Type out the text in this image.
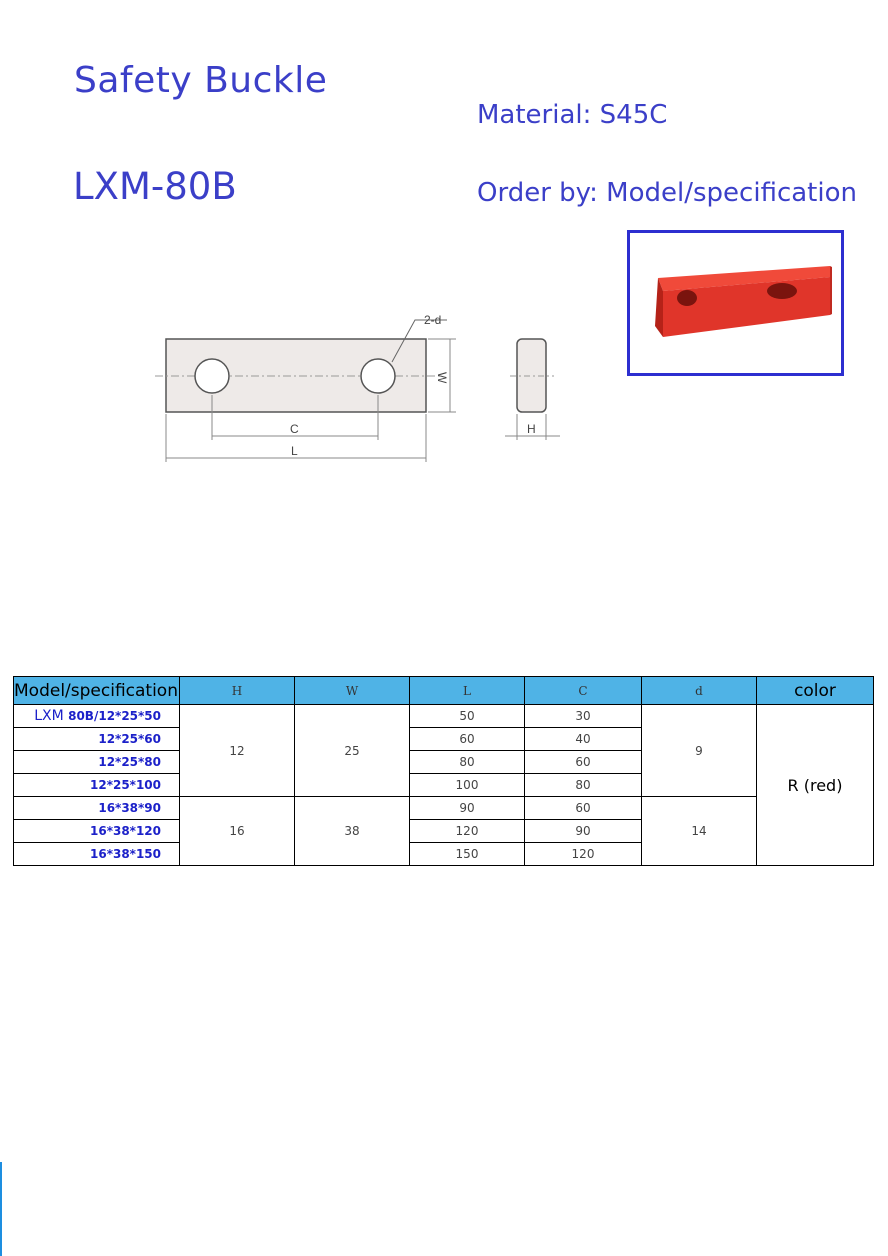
Safety Buckle
LXM-80B
Material: S45C
Order by: Model/specification
2-d
W
C
L
H
Model/specification	H	W	L	C	d	color
LXM 80B/12*25*50	12	25	50	30	9	R (red)
12*25*60			60	40		
12*25*80			80	60		
12*25*100			100	80		
16*38*90	16	38	90	60	14	
16*38*120			120	90		
16*38*150			150	120		
